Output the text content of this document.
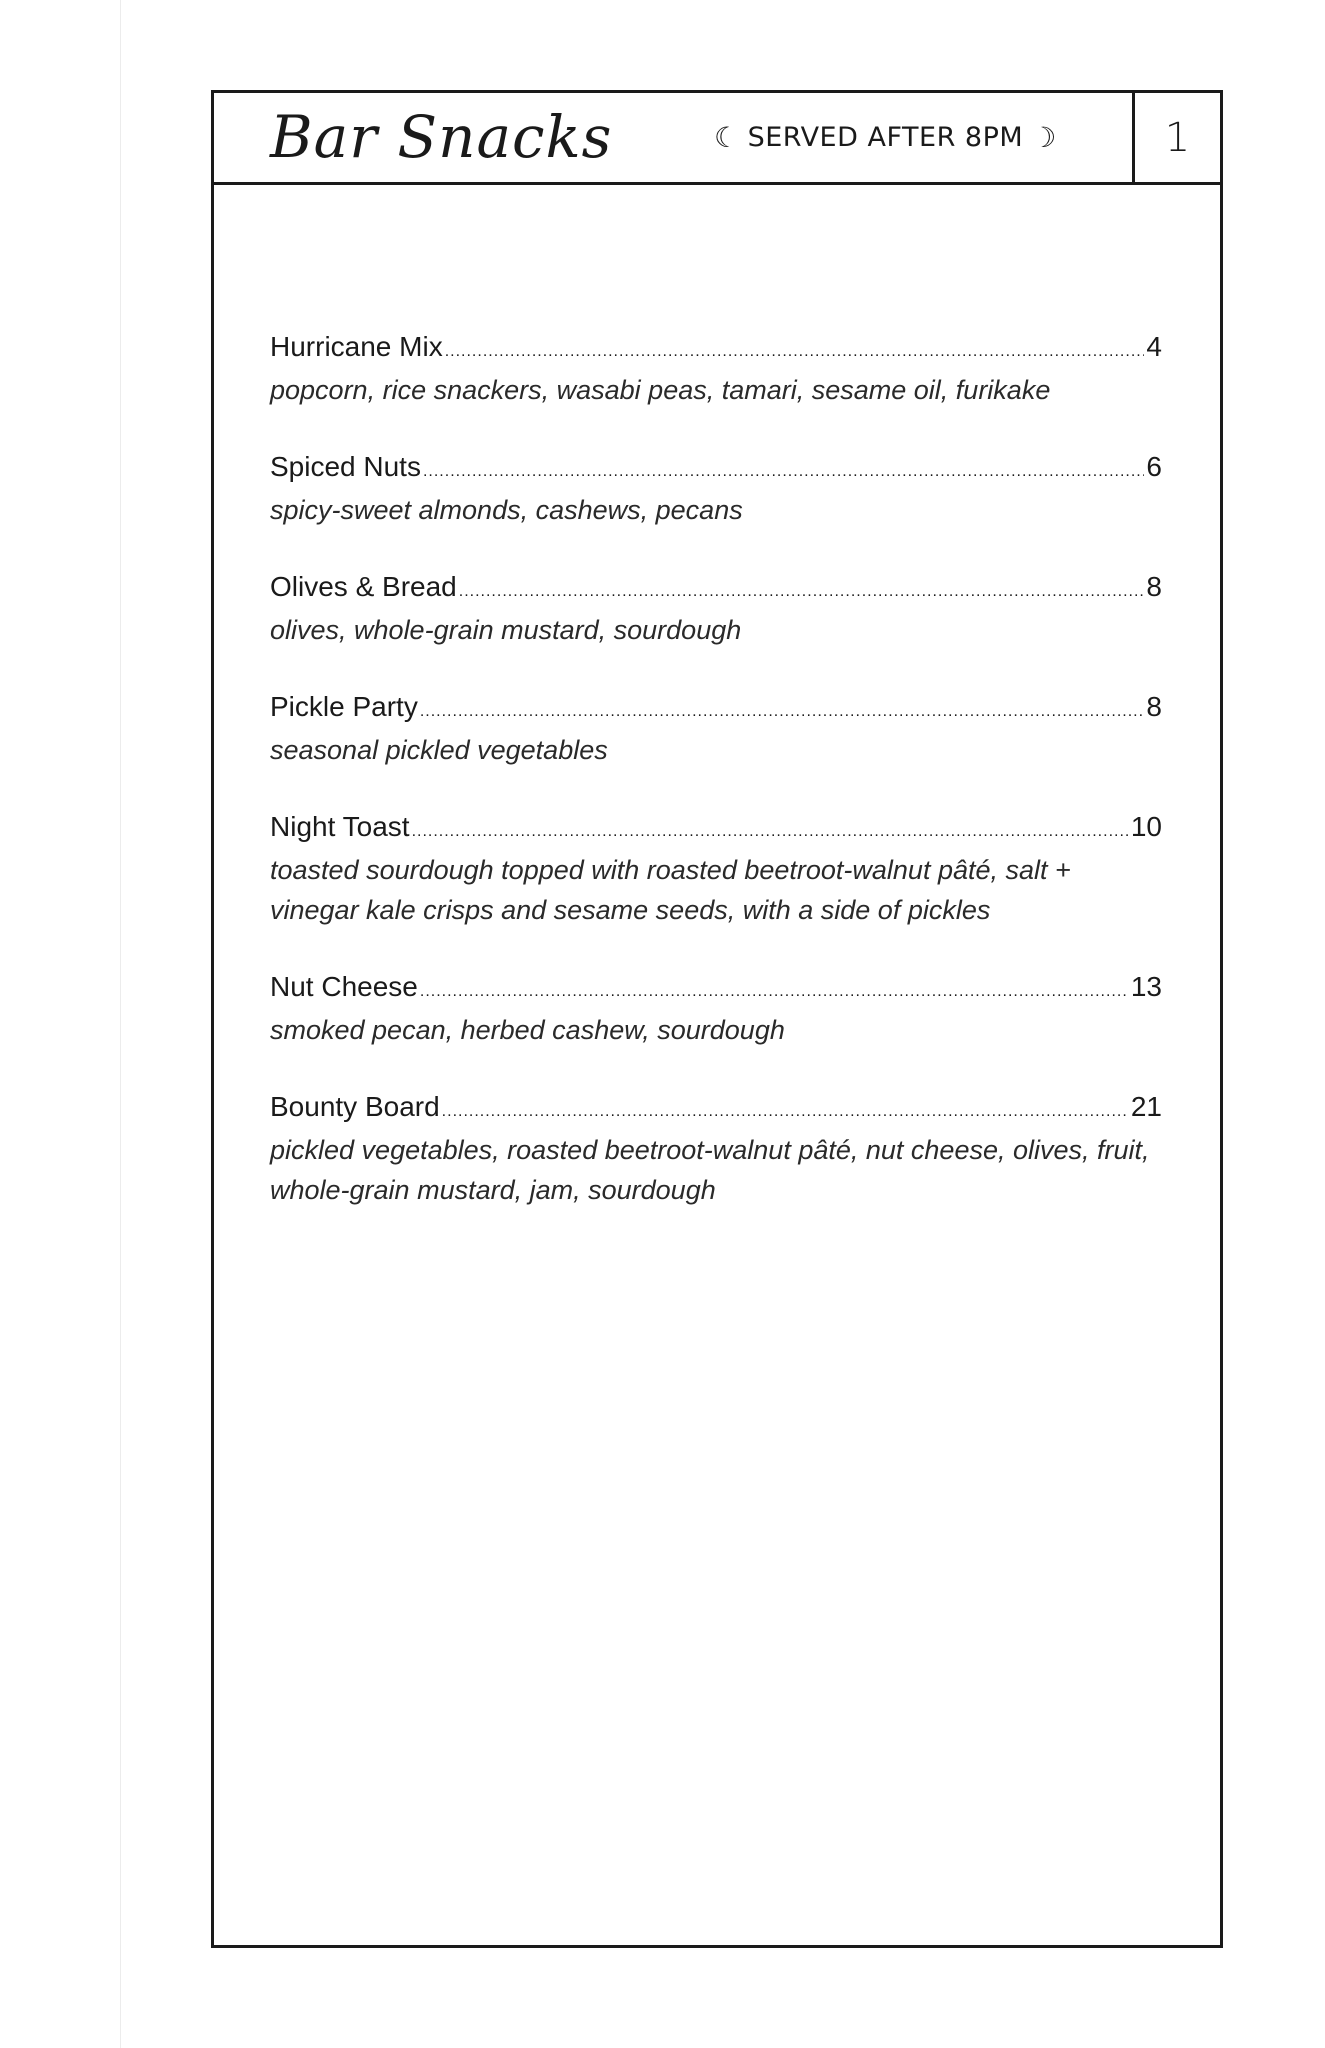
Bar Snacks	☾ SERVED AFTER 8PM ☽	1
Hurricane Mix .....	4
popcorn, rice snackers, wasabi peas, tamari, sesame oil, furikake
Spiced Nuts .....	6
spicy-sweet almonds, cashews, pecans
Olives & Bread .....	8
olives, whole-grain mustard, sourdough
Pickle Party .....	8
seasonal pickled vegetables
Night Toast .....	10
toasted sourdough topped with roasted beetroot-walnut pâté, salt +
vinegar kale crisps and sesame seeds, with a side of pickles
Nut Cheese .....	13
smoked pecan, herbed cashew, sourdough
Bounty Board .....	21
pickled vegetables, roasted beetroot-walnut pâté, nut cheese, olives, fruit,
whole-grain mustard, jam, sourdough
